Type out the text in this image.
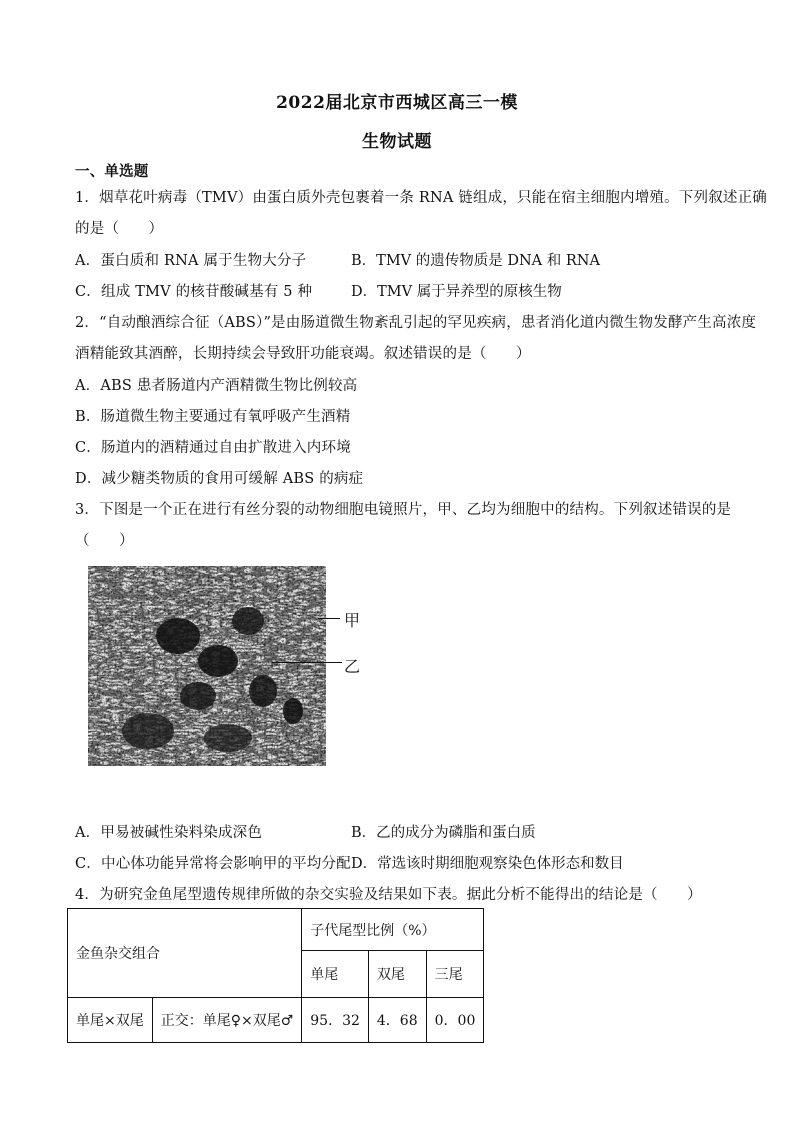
2022届北京市西城区高三一模
生物试题
一、单选题
1．烟草花叶病毒（TMV）由蛋白质外壳包裹着一条 RNA 链组成，只能在宿主细胞内增殖。下列叙述正确
的是（　　）
A．蛋白质和 RNA 属于生物大分子	B．TMV 的遗传物质是 DNA 和 RNA
C．组成 TMV 的核苷酸碱基有 5 种	D．TMV 属于异养型的原核生物
2．“自动酿酒综合征（ABS）”是由肠道微生物紊乱引起的罕见疾病，患者消化道内微生物发酵产生高浓度
酒精能致其酒醉，长期持续会导致肝功能衰竭。叙述错误的是（　　）
A．ABS 患者肠道内产酒精微生物比例较高
B．肠道微生物主要通过有氧呼吸产生酒精
C．肠道内的酒精通过自由扩散进入内环境
D．减少糖类物质的食用可缓解 ABS 的病症
3．下图是一个正在进行有丝分裂的动物细胞电镜照片，甲、乙均为细胞中的结构。下列叙述错误的是
（　　）
甲
乙
A．甲易被碱性染料染成深色	B．乙的成分为磷脂和蛋白质
C．中心体功能异常将会影响甲的平均分配 D．常选该时期细胞观察染色体形态和数目
4．为研究金鱼尾型遗传规律所做的杂交实验及结果如下表。据此分析不能得出的结论是（　　）
金鱼杂交组合		子代尾型比例（%）		
		单尾	双尾	三尾
单尾×双尾	正交：单尾♀×双尾♂	95．32	4．68	0．00
